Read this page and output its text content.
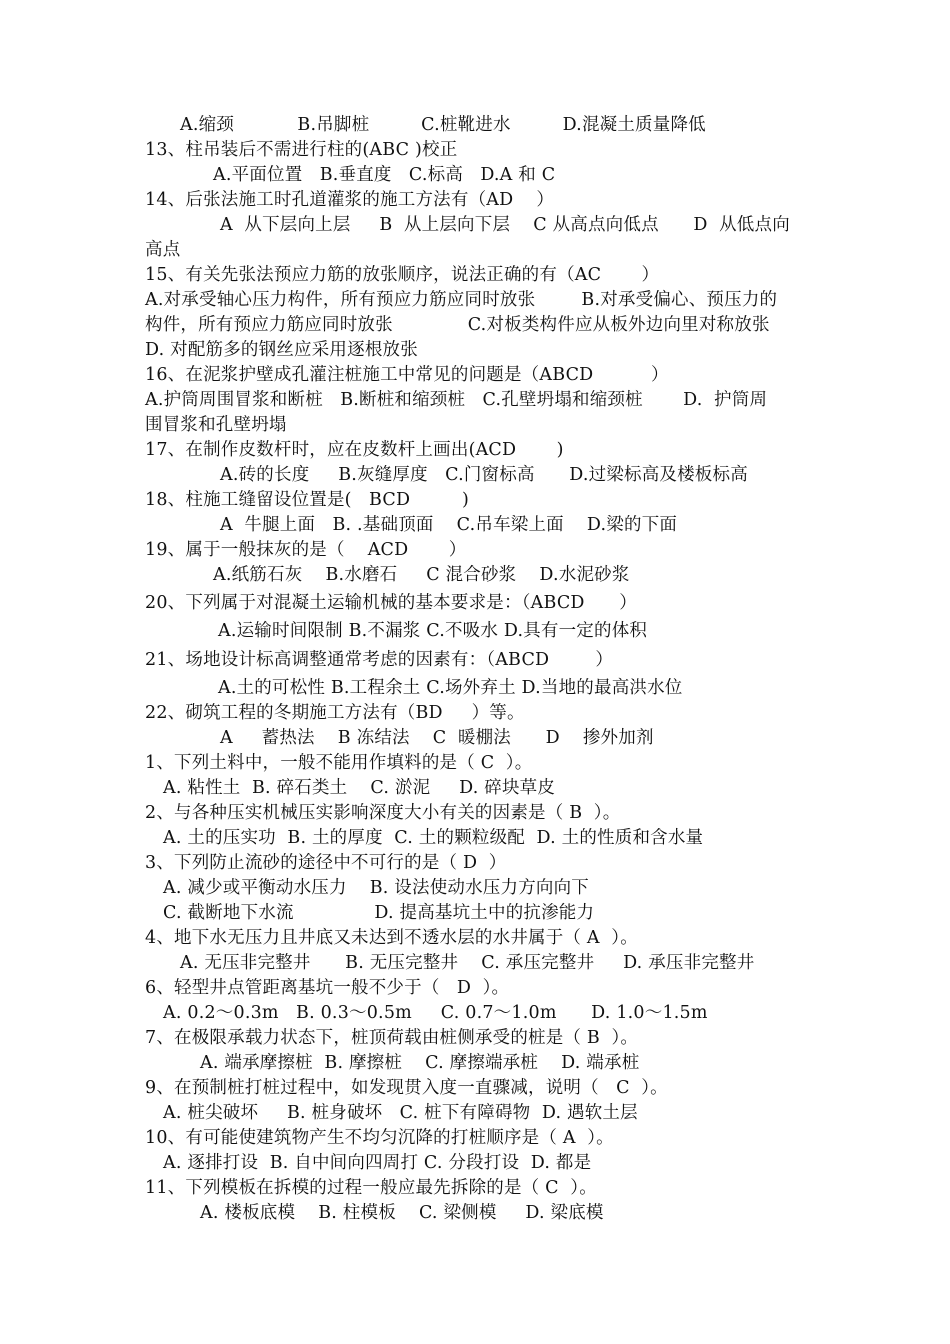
A.缩颈           B.吊脚桩         C.桩靴进水         D.混凝土质量降低
13、柱吊装后不需进行柱的(ABC )校正
A.平面位置   B.垂直度   C.标高   D.A 和 C
14、后张法施工时孔道灌浆的施工方法有（AD    ）
A  从下层向上层     B  从上层向下层    C 从高点向低点      D  从低点向
高点
15、有关先张法预应力筋的放张顺序，说法正确的有（AC       ）
A.对承受轴心压力构件，所有预应力筋应同时放张        B.对承受偏心、预压力的
构件，所有预应力筋应同时放张             C.对板类构件应从板外边向里对称放张
D. 对配筋多的钢丝应采用逐根放张
16、在泥浆护壁成孔灌注桩施工中常见的问题是（ABCD          ）
A.护筒周围冒浆和断桩   B.断桩和缩颈桩   C.孔壁坍塌和缩颈桩       D.  护筒周
围冒浆和孔壁坍塌
17、在制作皮数杆时，应在皮数杆上画出(ACD       )
A.砖的长度     B.灰缝厚度   C.门窗标高      D.过梁标高及楼板标高
18、柱施工缝留设位置是(   BCD         )
A  牛腿上面   B. .基础顶面    C.吊车梁上面    D.梁的下面
19、属于一般抹灰的是（    ACD       ）
A.纸筋石灰    B.水磨石     C 混合砂浆    D.水泥砂浆
20、下列属于对混凝土运输机械的基本要求是：（ABCD      ）
A.运输时间限制 B.不漏浆 C.不吸水 D.具有一定的体积
21、场地设计标高调整通常考虑的因素有：（ABCD        ）
A.土的可松性 B.工程余土 C.场外弃土 D.当地的最高洪水位
22、砌筑工程的冬期施工方法有（BD     ）等。
A     蓄热法    B 冻结法    C  暖棚法      D    掺外加剂
1、下列土料中，一般不能用作填料的是（ C  ）。
A. 粘性土  B. 碎石类土    C. 淤泥     D. 碎块草皮
2、与各种压实机械压实影响深度大小有关的因素是（ B  ）。
A. 土的压实功  B. 土的厚度  C. 土的颗粒级配  D. 土的性质和含水量
3、下列防止流砂的途径中不可行的是（ D  ）
A. 减少或平衡动水压力    B. 设法使动水压力方向向下
C. 截断地下水流              D. 提高基坑土中的抗渗能力
4、地下水无压力且井底又未达到不透水层的水井属于（ A  ）。
A. 无压非完整井      B. 无压完整井    C. 承压完整井     D. 承压非完整井
6、轻型井点管距离基坑一般不少于（   D  ）。
A. 0.2～0.3m   B. 0.3～0.5m     C. 0.7～1.0m      D. 1.0～1.5m
7、在极限承载力状态下，桩顶荷载由桩侧承受的桩是（ B  ）。
A. 端承摩擦桩  B. 摩擦桩    C. 摩擦端承桩    D. 端承桩
9、在预制桩打桩过程中，如发现贯入度一直骤减，说明（   C  ）。
A. 桩尖破坏     B. 桩身破坏   C. 桩下有障碍物  D. 遇软土层
10、有可能使建筑物产生不均匀沉降的打桩顺序是（ A  ）。
A. 逐排打设  B. 自中间向四周打 C. 分段打设  D. 都是
11、下列模板在拆模的过程一般应最先拆除的是（ C  ）。
A. 楼板底模    B. 柱模板    C. 梁侧模     D. 梁底模
